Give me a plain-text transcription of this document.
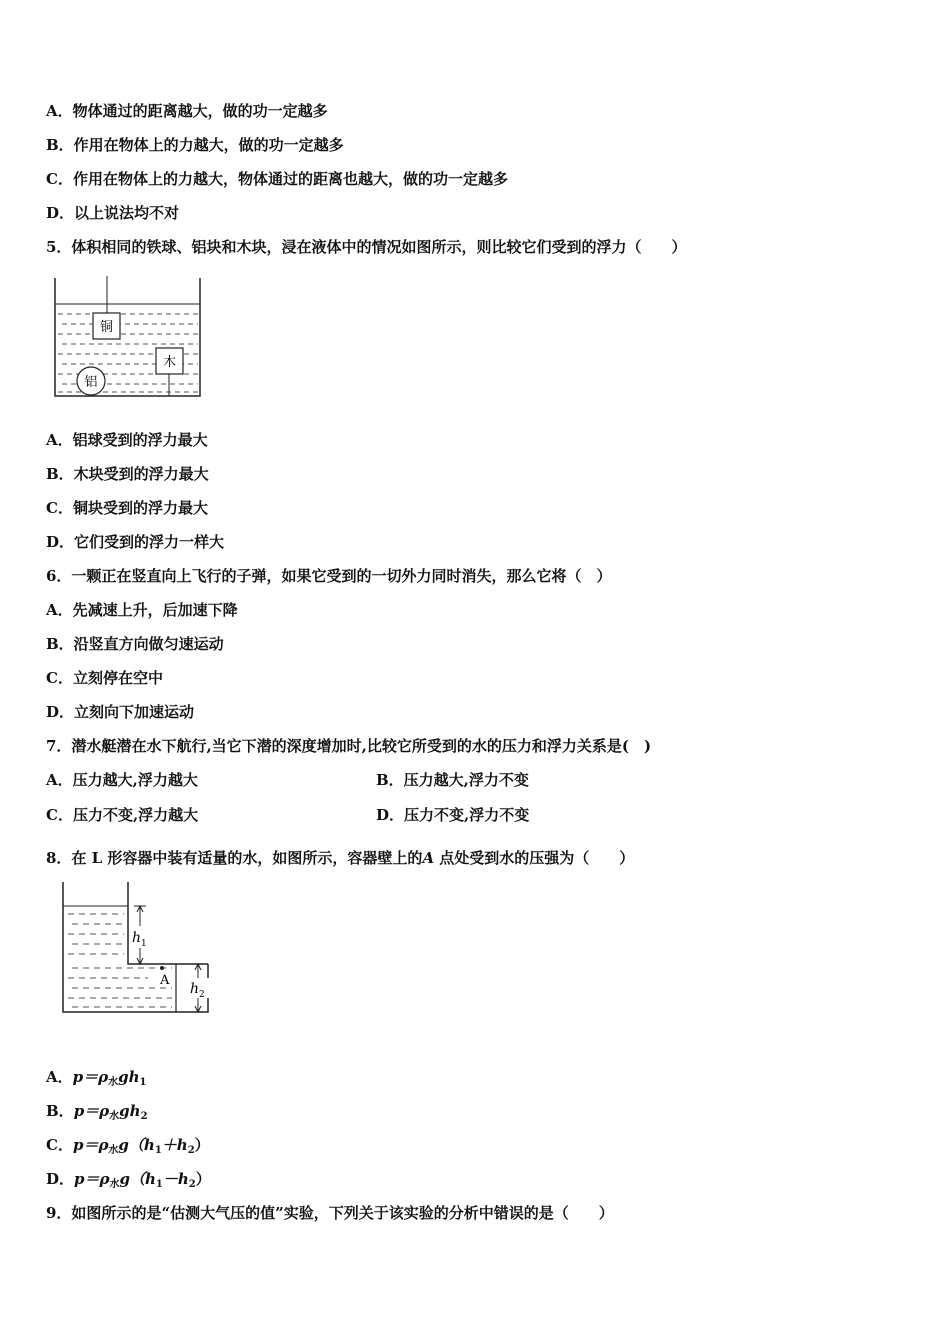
A．物体通过的距离越大，做的功一定越多
B．作用在物体上的力越大，做的功一定越多
C．作用在物体上的力越大，物体通过的距离也越大，做的功一定越多
D．以上说法均不对
5．体积相同的铁球、铝块和木块，浸在液体中的情况如图所示，则比较它们受到的浮力（　　）
铜
木
铝
A．铝球受到的浮力最大
B．木块受到的浮力最大
C．铜块受到的浮力最大
D．它们受到的浮力一样大
6．一颗正在竖直向上飞行的子弹，如果它受到的一切外力同时消失，那么它将（　）
A．先减速上升，后加速下降
B．沿竖直方向做匀速运动
C．立刻停在空中
D．立刻向下加速运动
7．潜水艇潜在水下航行,当它下潜的深度增加时,比较它所受到的水的压力和浮力关系是(　)
A．压力越大,浮力越大	B．压力越大,浮力不变
C．压力不变,浮力越大	D．压力不变,浮力不变
8．在 L 形容器中装有适量的水，如图所示，容器壁上的A 点处受到水的压强为（　　）
A
h 1
h 2
A．$p=\rho_水gh_1$
B．$p=\rho_水gh_2$
C．$p=\rho_水g(h_1+h_2)$
D．$p=\rho_水g(h_1-h_2)$
9．如图所示的是“估测大气压的值”实验，下列关于该实验的分析中错误的是（　　）
